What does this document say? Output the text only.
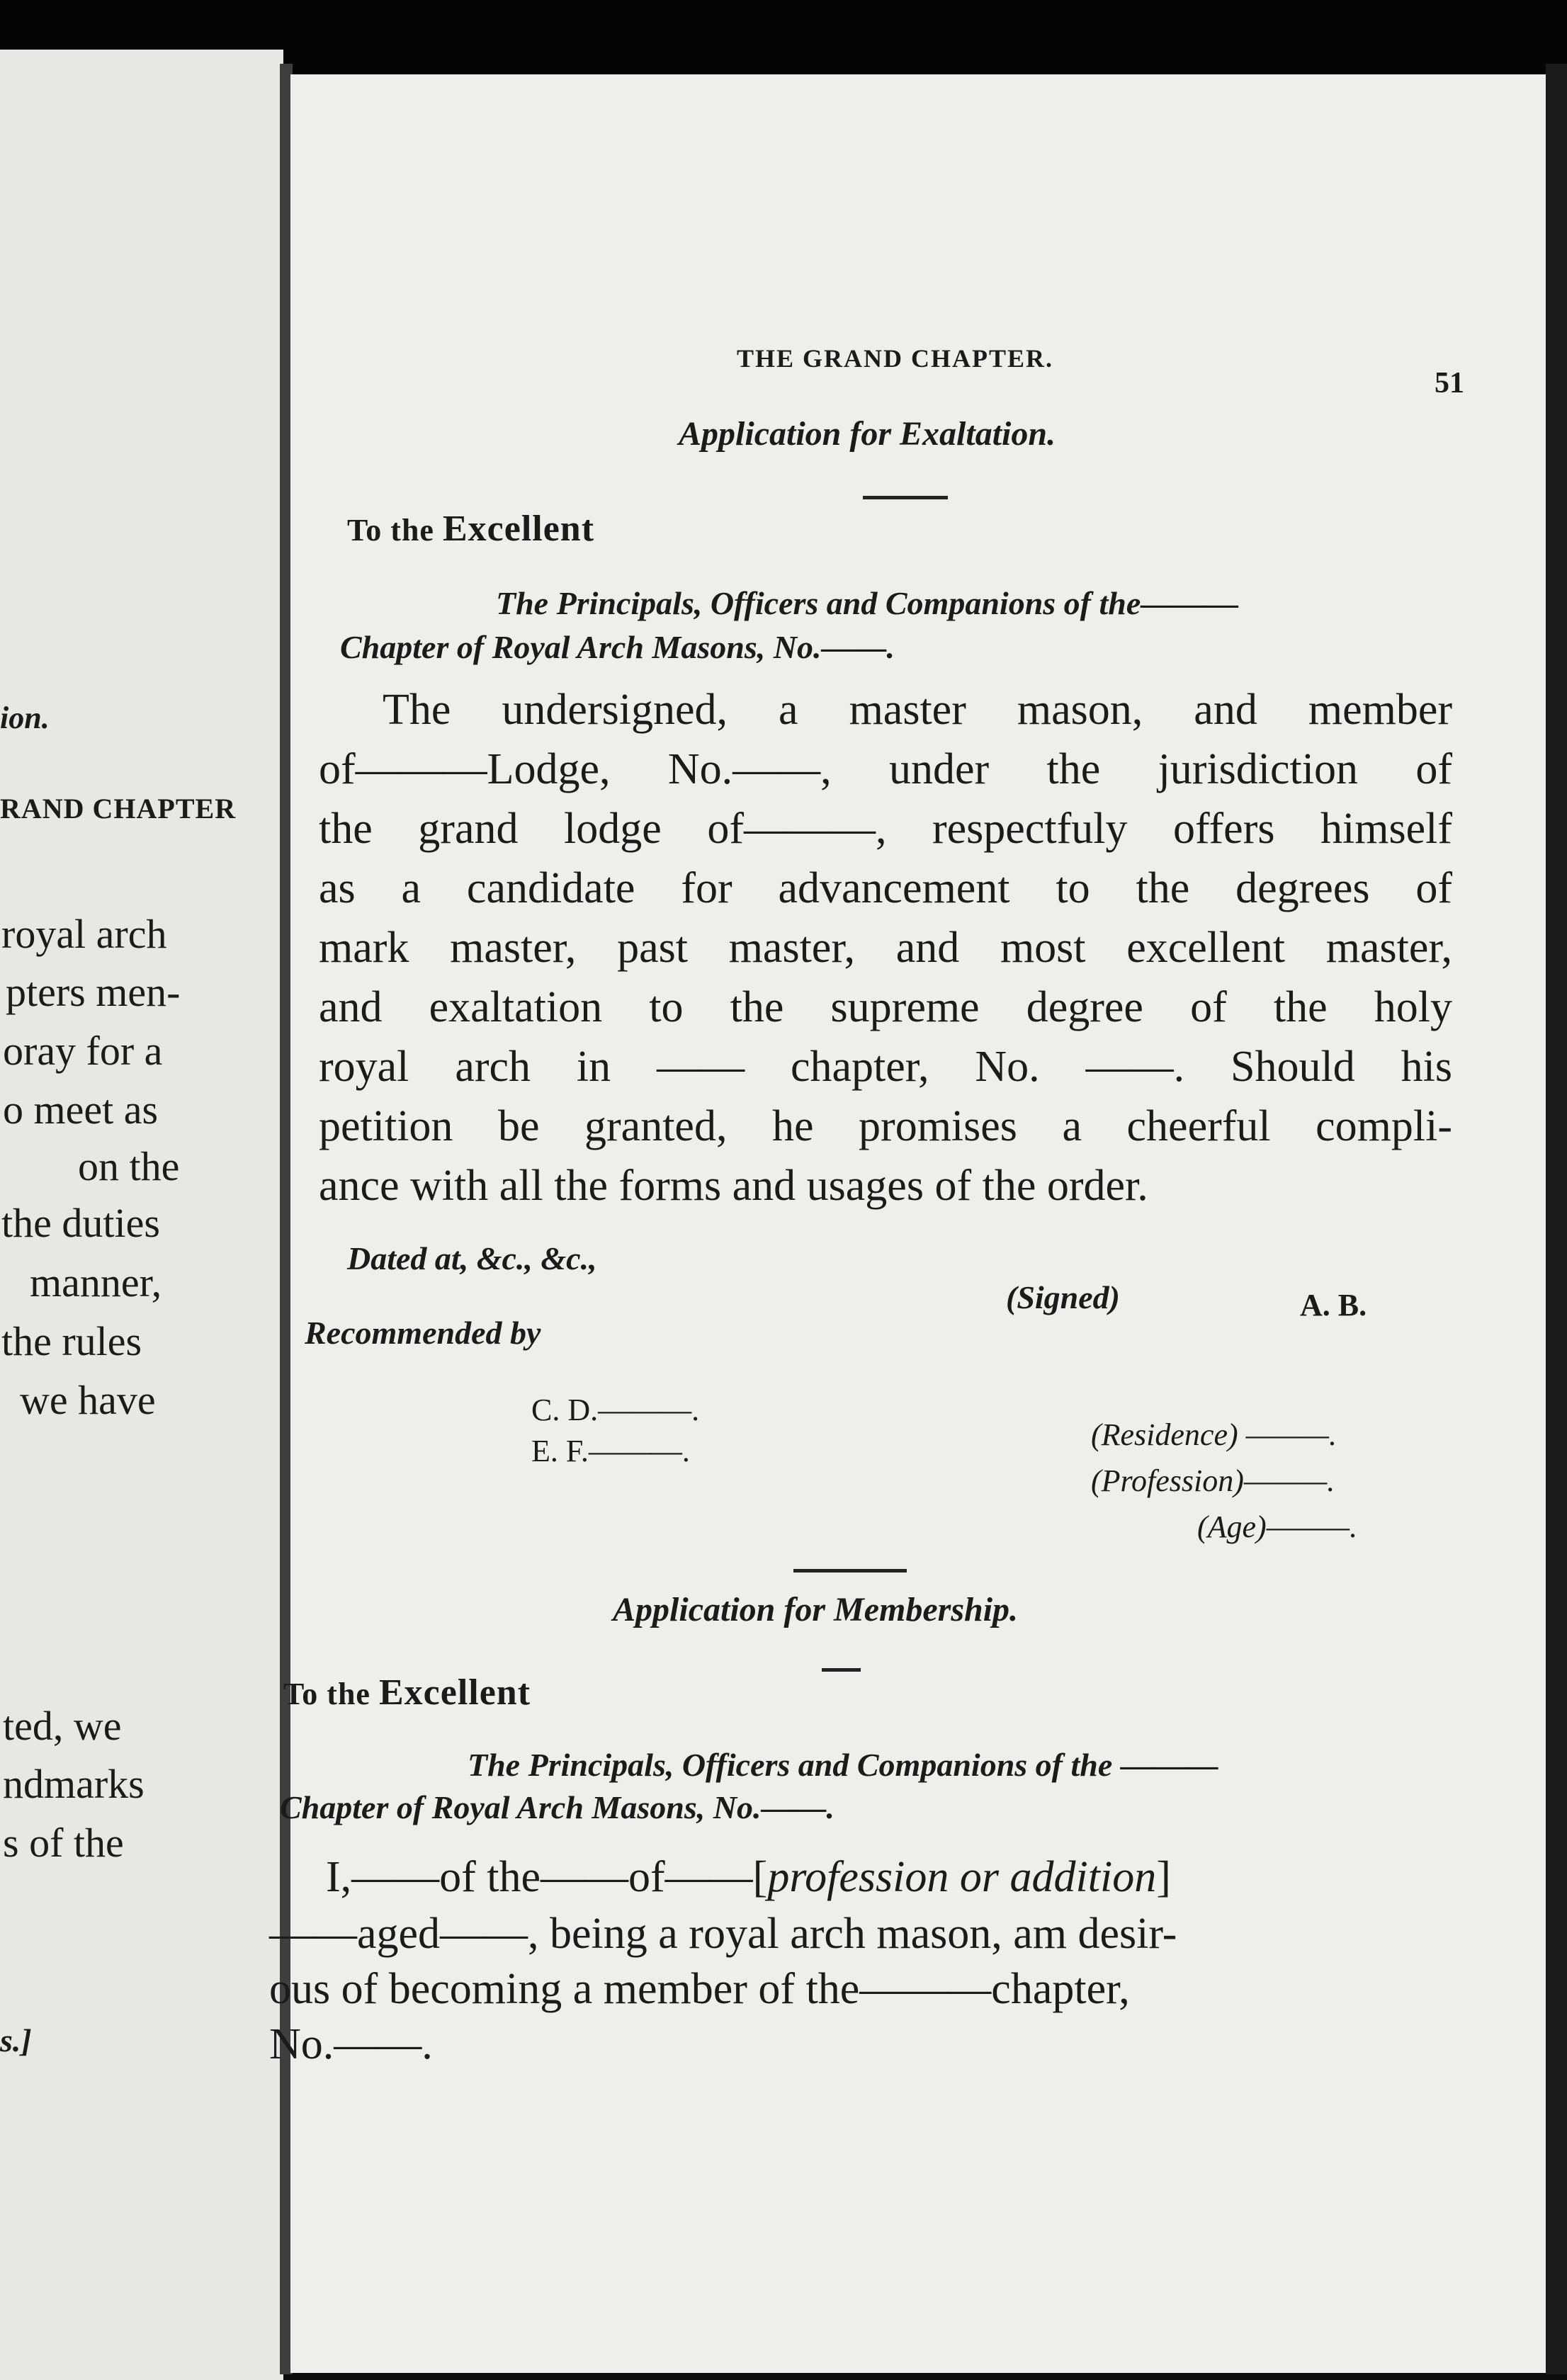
ion.
RAND CHAPTER
royal arch
pters men-
oray for a
o meet as
on the
the duties
manner,
the rules
we have
ted, we
ndmarks
s of the
s.]
THE GRAND CHAPTER.
51
Application for Exaltation.
To the Excellent
The Principals, Officers and Companions of the———
Chapter of Royal Arch Masons, No.——.
The undersigned, a master mason, and member
of———Lodge, No.——, under the jurisdiction of
the grand lodge of———, respectfuly offers himself
as a candidate for advancement to the degrees of
mark master, past master, and most excellent master,
and exaltation to the supreme degree of the holy
royal arch in —— chapter, No. ——. Should his
petition be granted, he promises a cheerful compli-
ance with all the forms and usages of the order.
Dated at, &c., &c.,
(Signed)	A. B.
Recommended by
C. D.———.
E. F.———.	(Residence) ———.
(Profession)———.
(Age)———.
Application for Membership.
To the Excellent
The Principals, Officers and Companions of the ———
Chapter of Royal Arch Masons, No.——.
I,——of the——of——[profession or addition]
——aged——, being a royal arch mason, am desir-
ous of becoming a member of the———chapter,
No.——.
